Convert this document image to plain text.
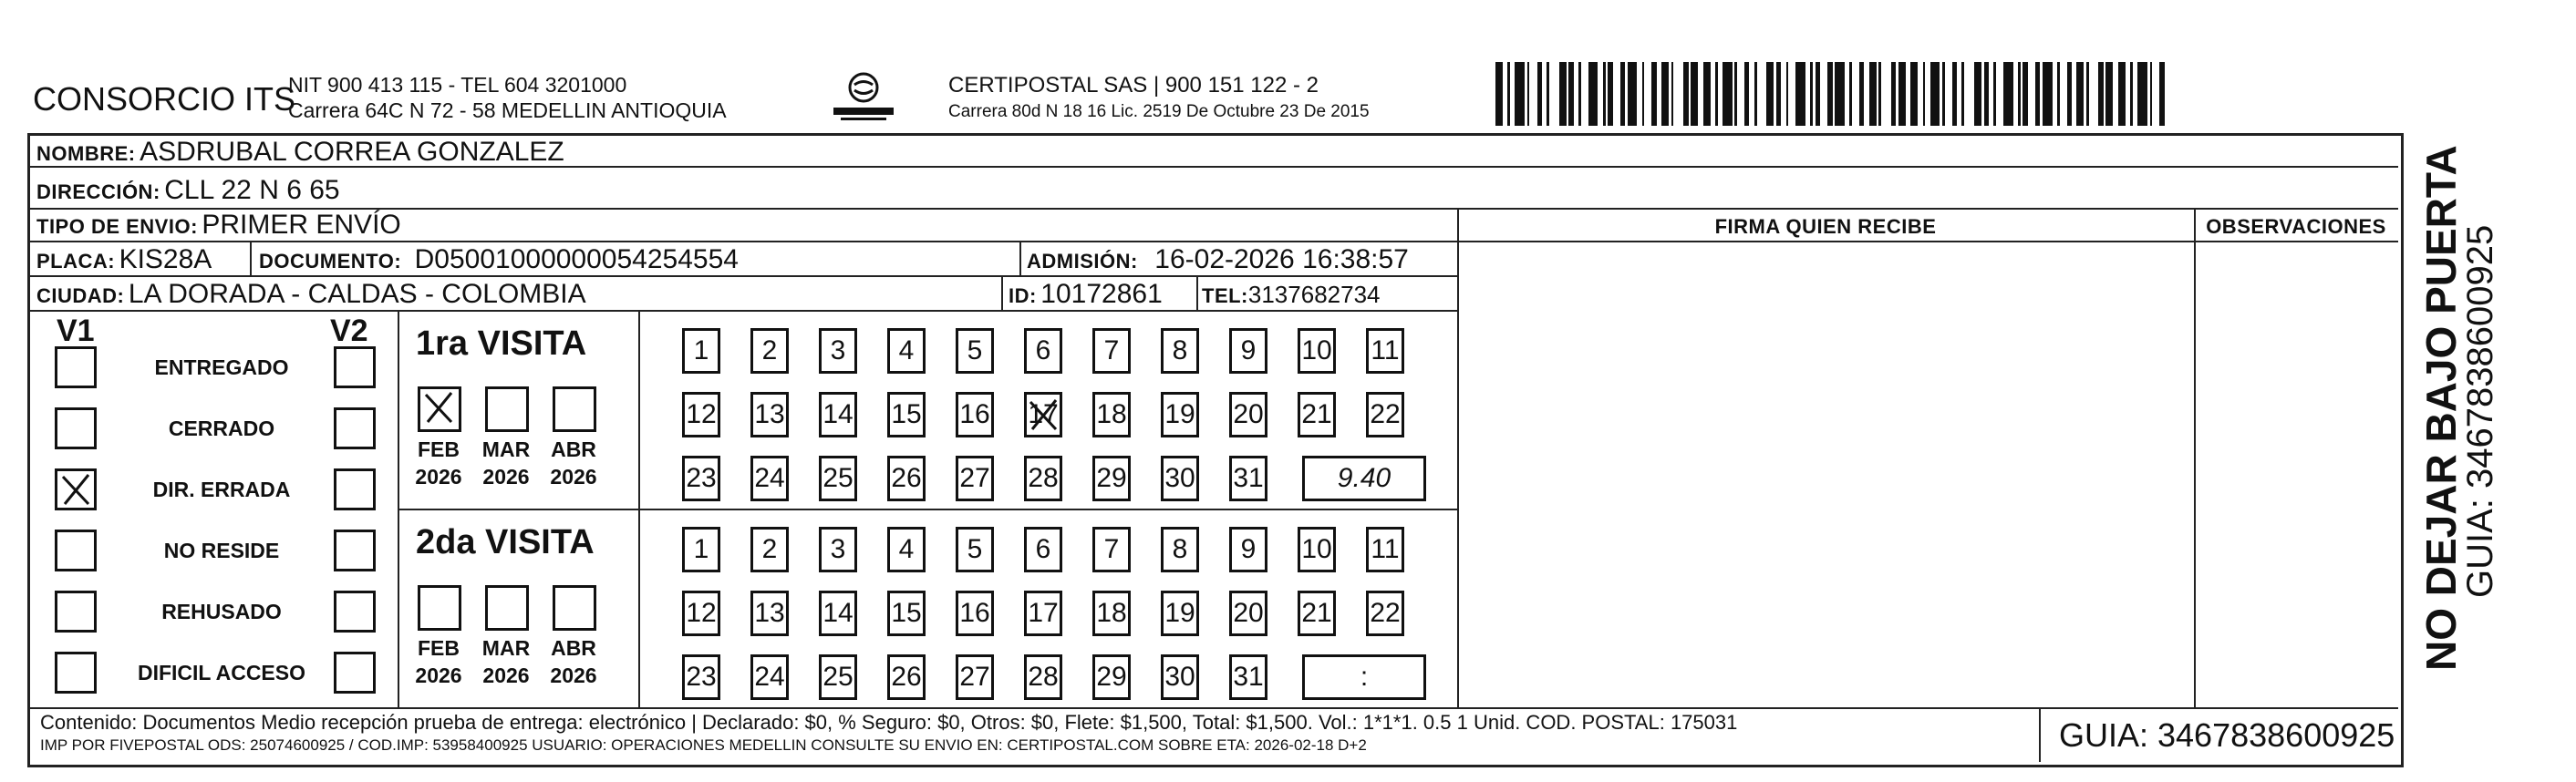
CONSORCIO ITS
NIT 900 413 115 - TEL 604 3201000
Carrera 64C N 72 - 58 MEDELLIN ANTIOQUIA
CERTIPOSTAL SAS | 900 151 122 - 2
Carrera 80d N 18 16 Lic. 2519 De Octubre 23 De 2015
NOMBRE: ASDRUBAL CORREA GONZALEZ
DIRECCIÓN: CLL 22 N 6 65
TIPO DE ENVIO: PRIMER ENVÍO	FIRMA QUIEN RECIBE	OBSERVACIONES
PLACA: KIS28A DOCUMENTO: D05001000000054254554	ADMISIÓN: 16-02-2026 16:38:57
CIUDAD: LA DORADA - CALDAS - COLOMBIA	ID: 10172861 TEL:3137682734
V1	V2	NO DEJAR BAJO PUERTA
GUIA: 3467838600925
Contenido: Documentos Medio recepción prueba de entrega: electrónico | Declarado: $0, % Seguro: $0, Otros: $0, Flete: $1,500, Total: $1,500. Vol.: 1*1*1. 0.5 1 Unid. COD. POSTAL: 175031
IMP POR FIVEPOSTAL ODS: 25074600925 / COD.IMP: 53958400925 USUARIO: OPERACIONES MEDELLIN CONSULTE SU ENVIO EN: CERTIPOSTAL.COM SOBRE ETA: 2026-02-18 D+2	GUIA: 3467838600925
ENTREGADO
CERRADO
DIR. ERRADA
NO RESIDE
REHUSADO
DIFICIL ACCESO
1ra VISITA
FEB
2026
MAR
2026
ABR
2026
1	2	3	4	5	6	7	8	9	10 11
12 13 14 15 16 17 18 19 20 21 22
23 24 25 26 27 28 29 30 31	9.40
2da VISITA
FEB
2026
MAR
2026
ABR
2026
1	2	3	4	5	6	7	8	9	10 11
12 13 14 15 16 17 18 19 20 21 22
23 24 25 26 27 28 29 30 31	:
